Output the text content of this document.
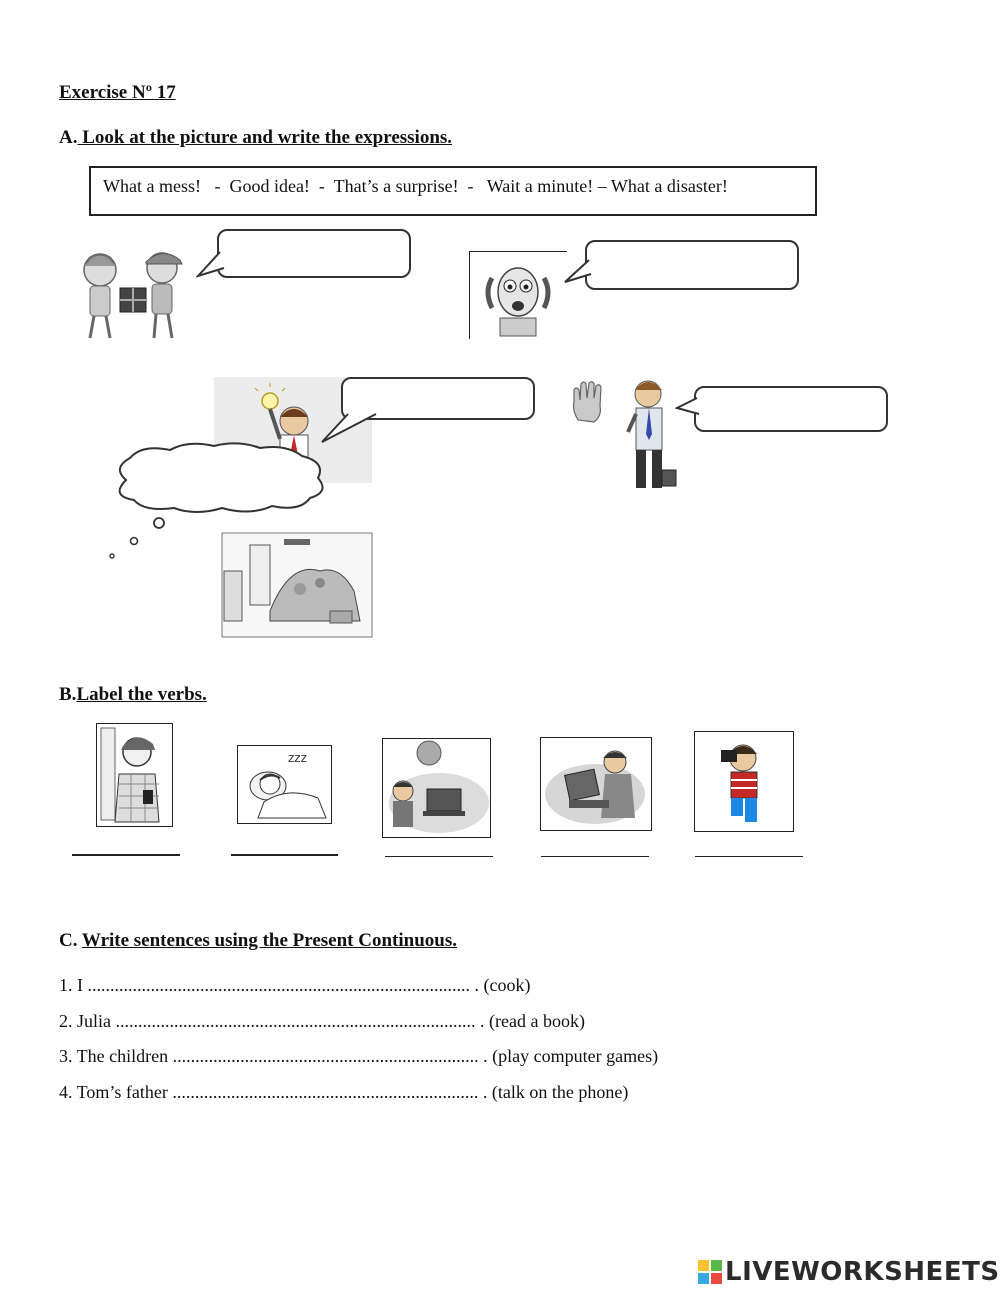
Exercise Nº 17
A. Look at the picture and write the expressions.
What a mess!   -  Good idea!  -  That’s a surprise!  -   Wait a minute! – What a disaster!
B.Label the verbs.
zzz
C. Write sentences using the Present Continuous.
1. I ..................................................................................... . (cook)
2. Julia ................................................................................ . (read a book)
3. The children .................................................................... . (play computer games)
4. Tom’s father .................................................................... . (talk on the phone)
LIVEWORKSHEETS
